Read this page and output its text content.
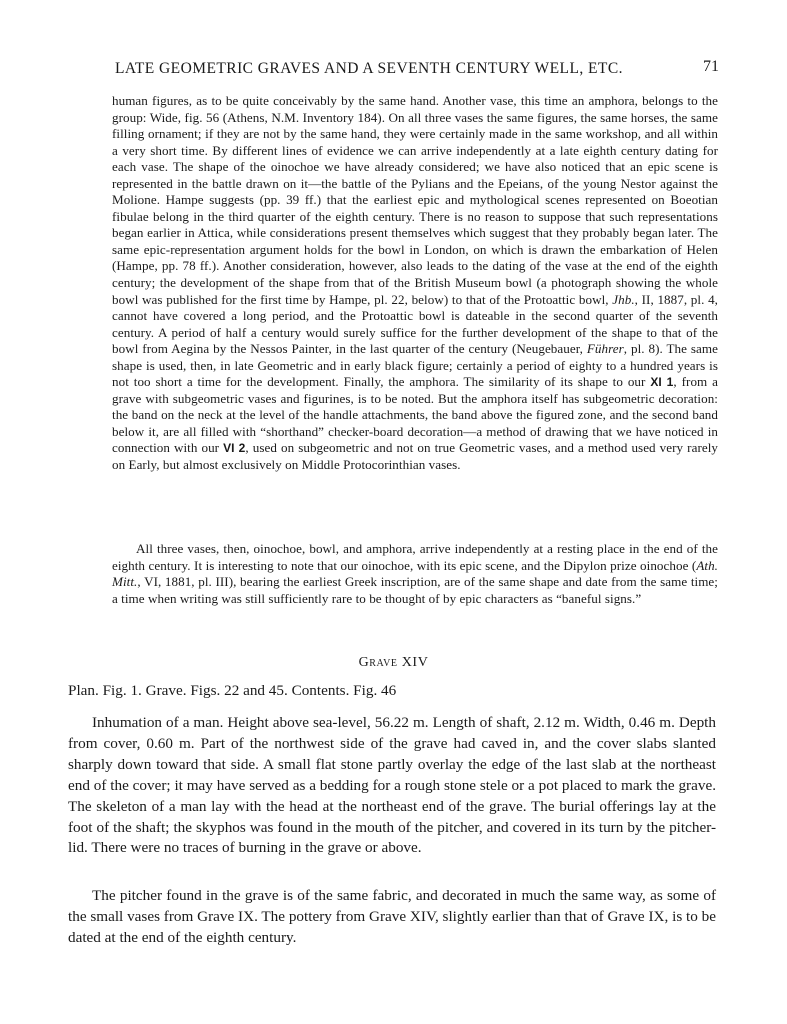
LATE GEOMETRIC GRAVES AND A SEVENTH CENTURY WELL, ETC.	71

human figures, as to be quite conceivably by the same hand. Another vase, this time an amphora, belongs to the group: Wide, fig. 56 (Athens, N.M. Inventory 184). On all three vases the same figures, the same horses, the same filling ornament; if they are not by the same hand, they were certainly made in the same workshop, and all within a very short time. By different lines of evidence we can arrive independently at a late eighth century dating for each vase. The shape of the oinochoe we have already considered; we have also noticed that an epic scene is represented in the battle drawn on it—the battle of the Pylians and the Epeians, of the young Nestor against the Molione. Hampe suggests (pp. 39 ff.) that the earliest epic and mythological scenes represented on Boeotian fibulae belong in the third quarter of the eighth century. There is no reason to suppose that such representations began earlier in Attica, while considerations present themselves which suggest that they probably began later. The same epic-representation argument holds for the bowl in London, on which is drawn the embarkation of Helen (Hampe, pp. 78 ff.). Another consideration, however, also leads to the dating of the vase at the end of the eighth century; the development of the shape from that of the British Museum bowl (a photograph showing the whole bowl was published for the first time by Hampe, pl. 22, below) to that of the Protoattic bowl, Jhb., II, 1887, pl. 4, cannot have covered a long period, and the Protoattic bowl is dateable in the second quarter of the seventh century. A period of half a century would surely suffice for the further development of the shape to that of the bowl from Aegina by the Nessos Painter, in the last quarter of the century (Neugebauer, Führer, pl. 8). The same shape is used, then, in late Geometric and in early black figure; certainly a period of eighty to a hundred years is not too short a time for the development. Finally, the amphora. The similarity of its shape to our XI 1, from a grave with subgeometric vases and figurines, is to be noted. But the amphora itself has subgeometric decoration: the band on the neck at the level of the handle attachments, the band above the figured zone, and the second band below it, are all filled with “shorthand” checker-board decoration—a method of drawing that we have noticed in connection with our VI 2, used on subgeometric and not on true Geometric vases, and a method used very rarely on Early, but almost exclusively on Middle Protocorinthian vases.

All three vases, then, oinochoe, bowl, and amphora, arrive independently at a resting place in the end of the eighth century. It is interesting to note that our oinochoe, with its epic scene, and the Dipylon prize oinochoe (Ath. Mitt., VI, 1881, pl. III), bearing the earliest Greek inscription, are of the same shape and date from the same time; a time when writing was still sufficiently rare to be thought of by epic characters as “baneful signs.”

Grave XIV
Plan. Fig. 1. Grave. Figs. 22 and 45. Contents. Fig. 46

Inhumation of a man. Height above sea-level, 56.22 m. Length of shaft, 2.12 m. Width, 0.46 m. Depth from cover, 0.60 m. Part of the northwest side of the grave had caved in, and the cover slabs slanted sharply down toward that side. A small flat stone partly overlay the edge of the last slab at the northeast end of the cover; it may have served as a bedding for a rough stone stele or a pot placed to mark the grave. The skeleton of a man lay with the head at the northeast end of the grave. The burial offerings lay at the foot of the shaft; the skyphos was found in the mouth of the pitcher, and covered in its turn by the pitcher-lid. There were no traces of burning in the grave or above.

The pitcher found in the grave is of the same fabric, and decorated in much the same way, as some of the small vases from Grave IX. The pottery from Grave XIV, slightly earlier than that of Grave IX, is to be dated at the end of the eighth century.
